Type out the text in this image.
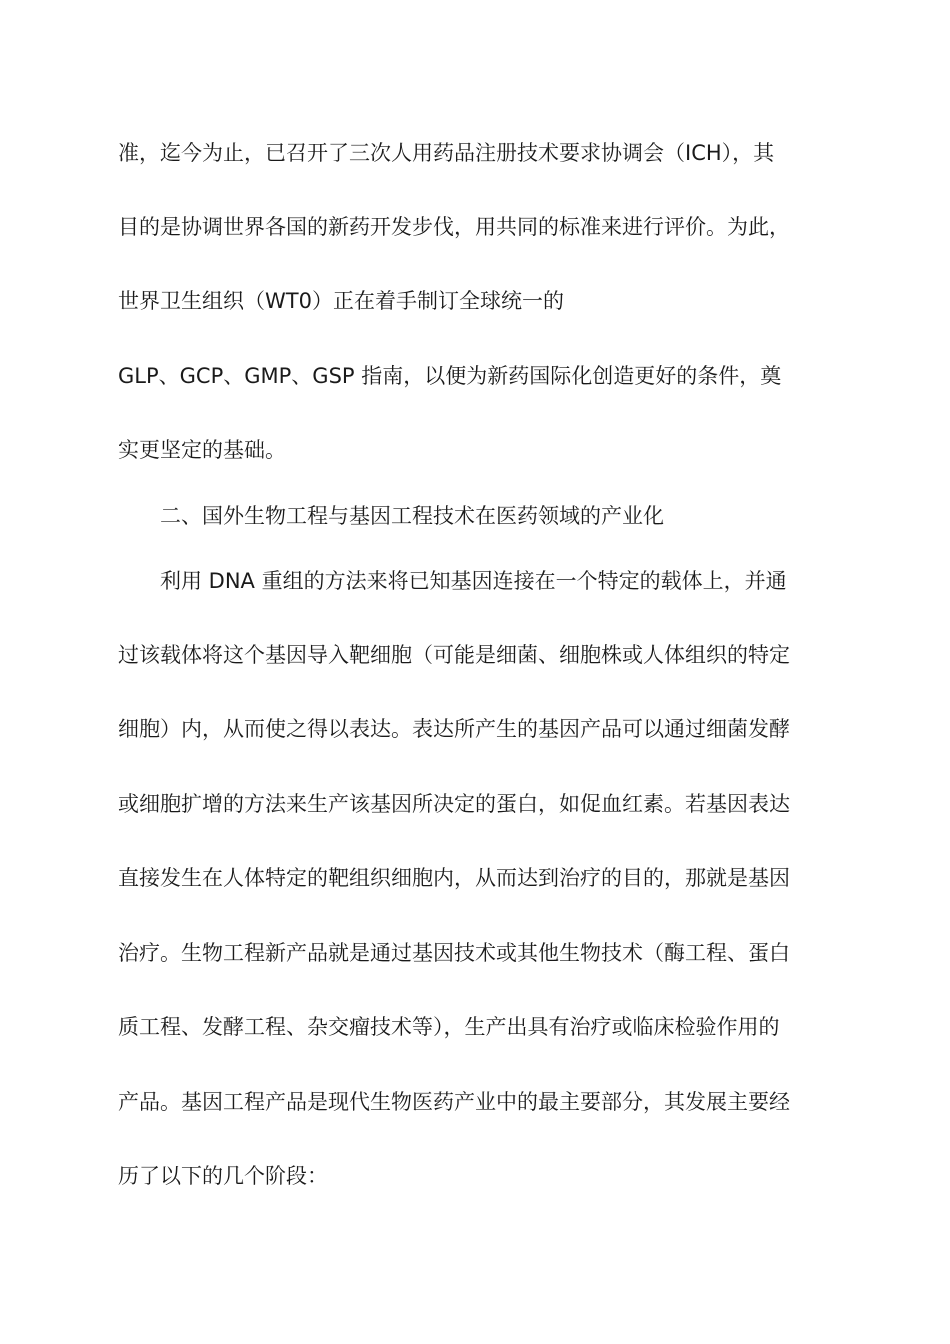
准，迄今为止，已召开了三次人用药品注册技术要求协调会（ICH），其
目的是协调世界各国的新药开发步伐，用共同的标准来进行评价。为此，
世界卫生组织（WT0）正在着手制订全球统一的
GLP、GCP、GMP、GSP 指南，以便为新药国际化创造更好的条件，奠
实更坚定的基础。
二、国外生物工程与基因工程技术在医药领域的产业化
利用 DNA 重组的方法来将已知基因连接在一个特定的载体上，并通
过该载体将这个基因导入靶细胞（可能是细菌、细胞株或人体组织的特定
细胞）内，从而使之得以表达。表达所产生的基因产品可以通过细菌发酵
或细胞扩增的方法来生产该基因所决定的蛋白，如促血红素。若基因表达
直接发生在人体特定的靶组织细胞内，从而达到治疗的目的，那就是基因
治疗。生物工程新产品就是通过基因技术或其他生物技术（酶工程、蛋白
质工程、发酵工程、杂交瘤技术等），生产出具有治疗或临床检验作用的
产品。基因工程产品是现代生物医药产业中的最主要部分，其发展主要经
历了以下的几个阶段：
